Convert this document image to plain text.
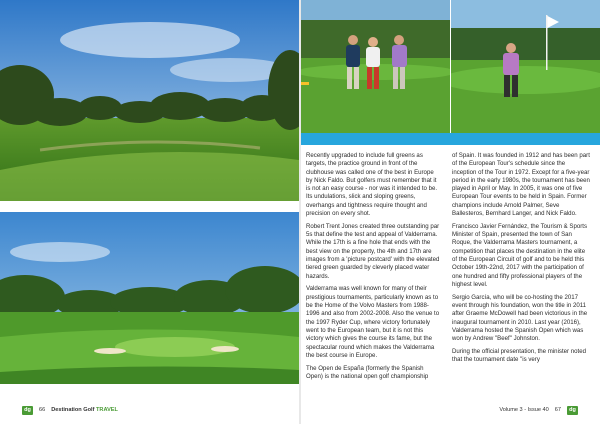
Recently upgraded to include full greens as targets, the practice ground in front of the clubhouse was called one of the best in Europe by Nick Faldo. But golfers must remember that it is not an easy course - nor was it intended to be. Its undulations, slick and sloping greens, overhangs and tightness require thought and precision on every shot.

Robert Trent Jones created three outstanding par 5s that define the test and appeal of Valderrama. While the 17th is a fine hole that ends with the best view on the property, the 4th and 17th are images from a 'picture postcard' with the elevated tiered green guarded by cleverly placed water hazards.

Valderrama was well known for many of their prestigious tournaments, particularly known as to be the Home of the Volvo Masters from 1988-1996 and also from 2002-2008. Also the venue to the 1997 Ryder Cup, where victory fortunately went to the European team, but it is not this victory which gives the course its fame, but the spectacular round which makes the Valderrama the best course in Europe.

The Open de España (formerly the Spanish Open) is the national open golf championship

of Spain. It was founded in 1912 and has been part of the European Tour's schedule since the inception of the Tour in 1972. Except for a five-year period in the early 1980s, the tournament has been played in April or May. In 2005, it was one of five European Tour events to be held in Spain. Former champions include Arnold Palmer, Seve Ballesteros, Bernhard Langer, and Nick Faldo.

Francisco Javier Fernández, the Tourism & Sports Minister of Spain, presented the town of San Roque, the Valderrama Masters tournament, a competition that places the destination in the elite of the European Circuit of golf and to be held this October 19th-22nd, 2017 with the participation of one hundred and fifty professional players of the highest level.

Sergio García, who will be co-hosting the 2017 event through his foundation, won the title in 2011 after Graeme McDowell had been victorious in the inaugural tournament in 2010. Last year (2016), Valderrama hosted the Spanish Open which was won by Andrew "Beef" Johnston.

During the official presentation, the minister noted that the tournament date "is very

dg	66 Destination Golf TRAVEL	Volume 3 - Issue 40 67	dg
